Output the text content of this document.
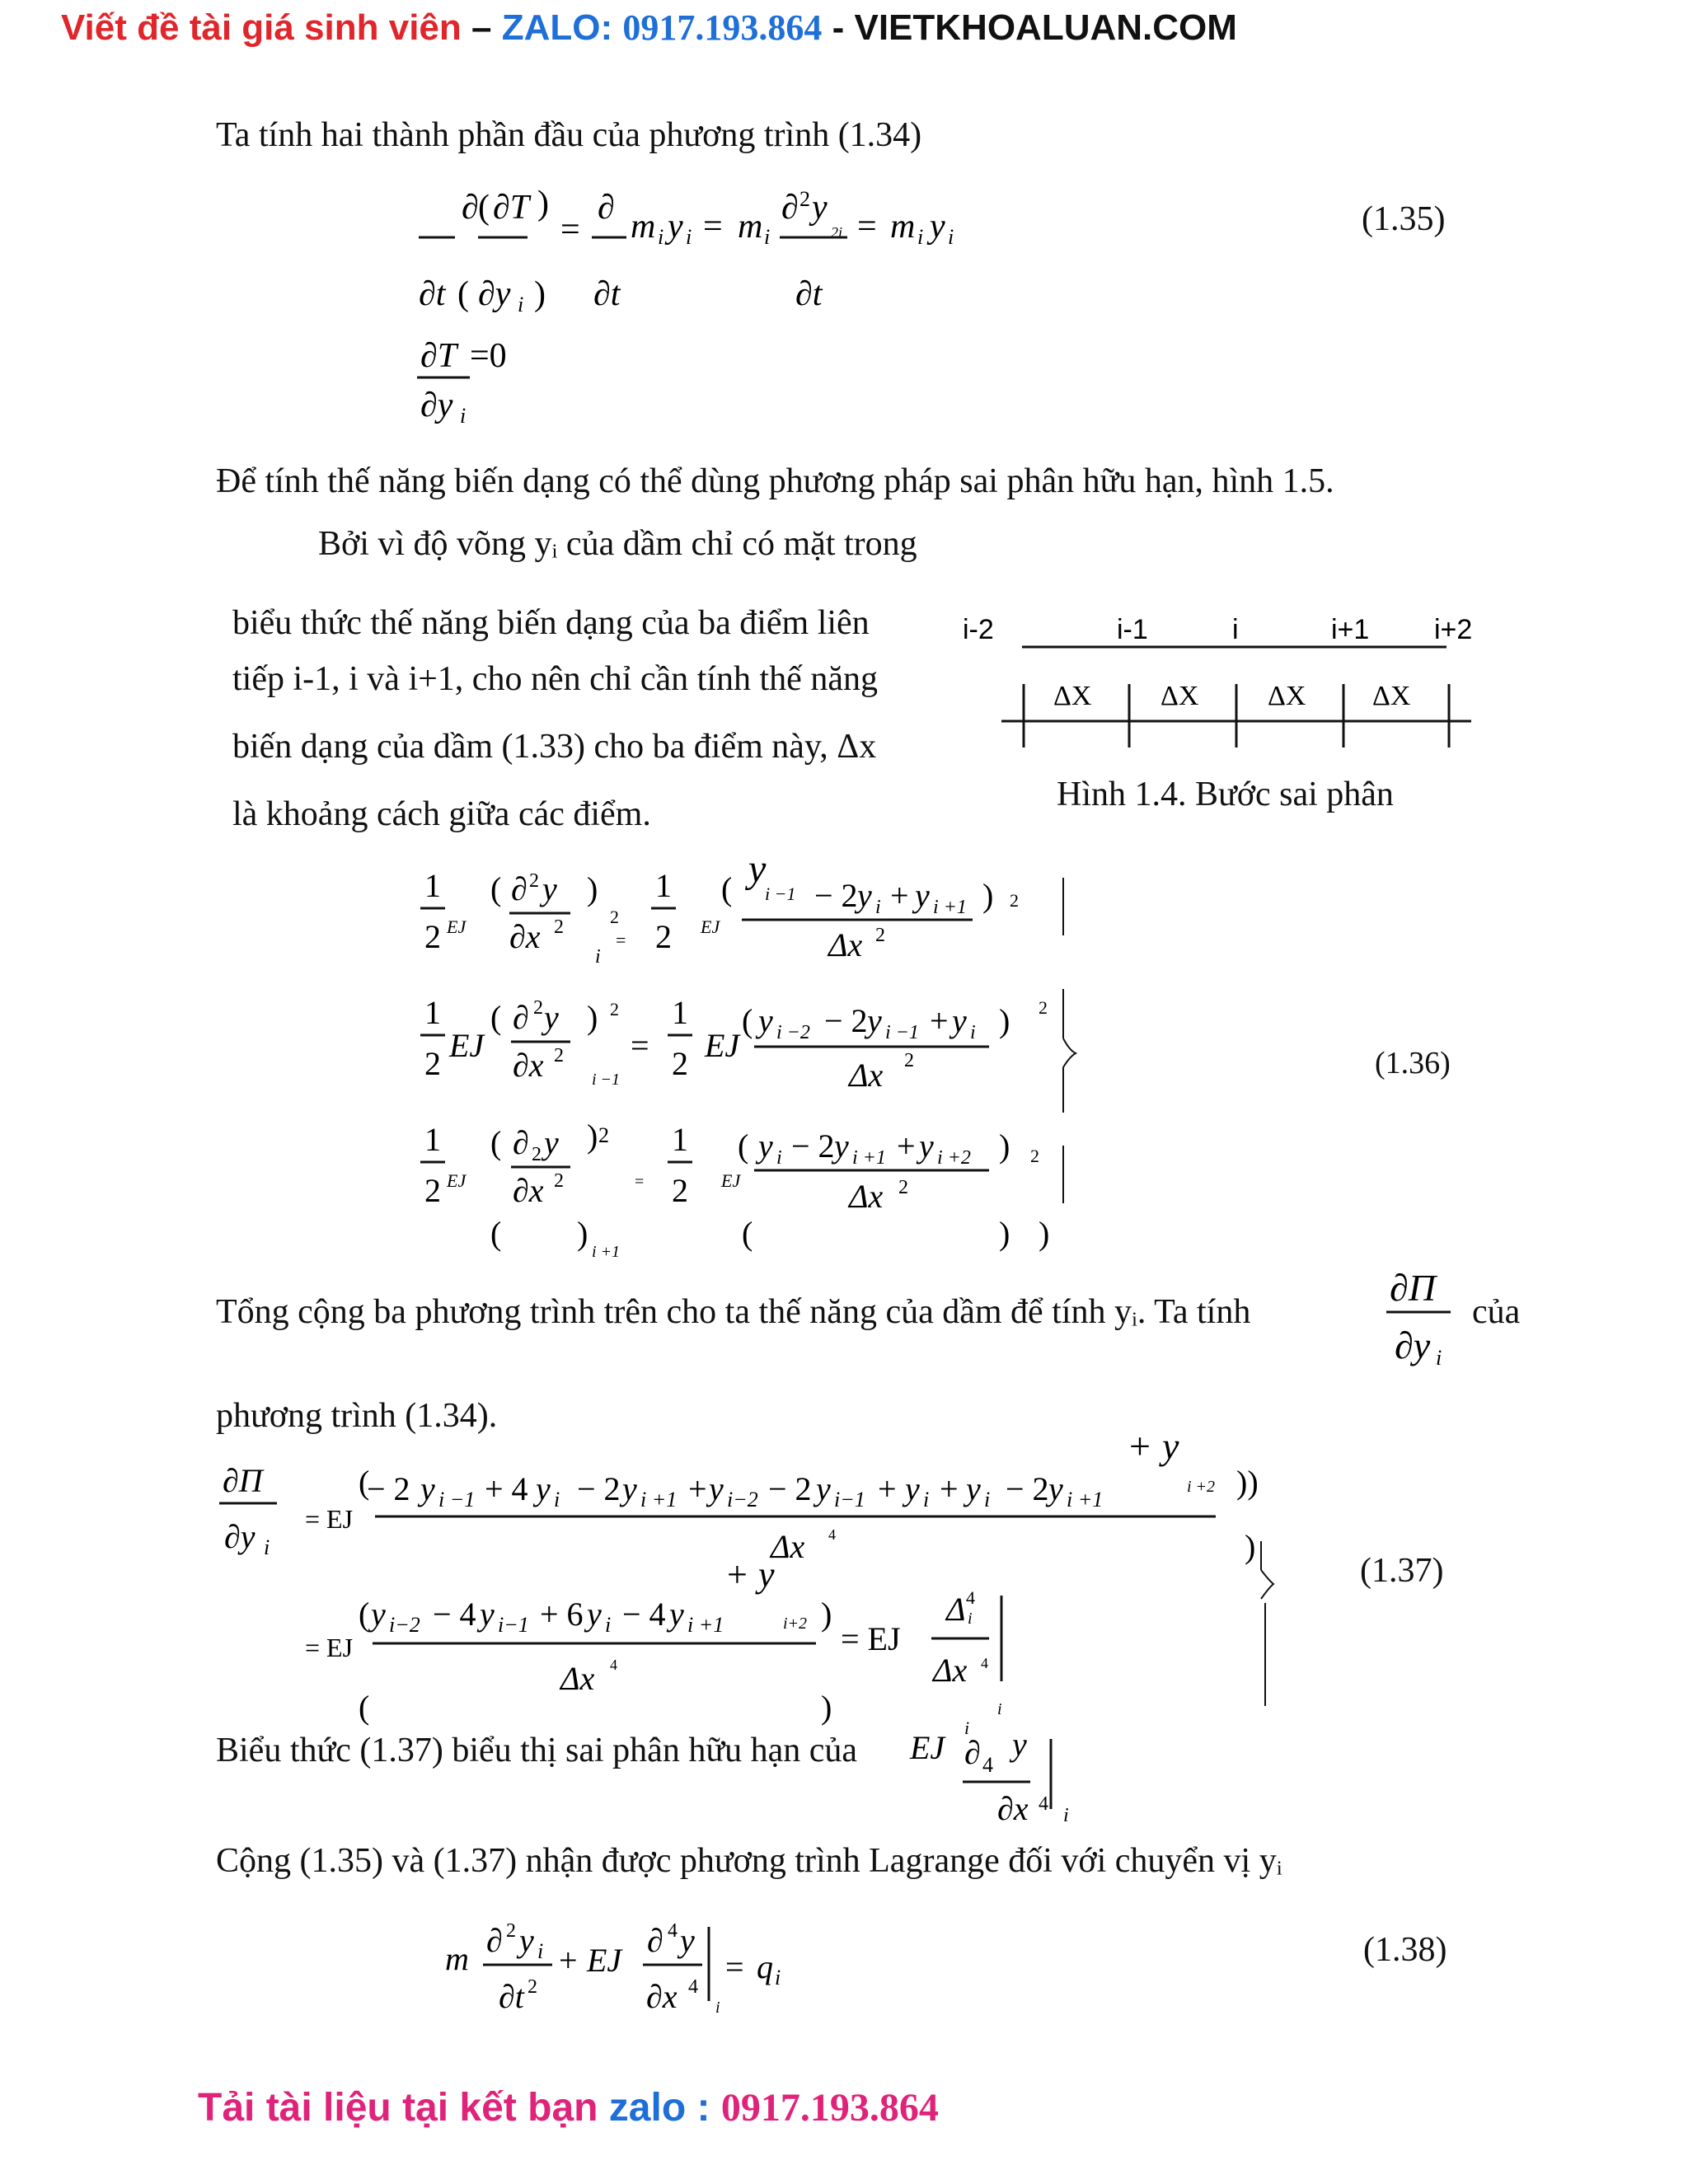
Viết đề tài giá sinh viên – ZALO: 0917.193.864 - VIETKHOALUAN.COM
Ta tính hai thành phần đầu của phương trình (1.34)
∂ ( ∂T )
=
∂ m i y i = m i
∂ 2 y
2i = m i y i
∂t ( ∂y i ) ∂t	∂t
∂T =0
∂y i
(1.35)
Để tính thế năng biến dạng có thể dùng phương pháp sai phân hữu hạn, hình 1.5.
Bởi vì độ võng yᵢ của dầm chỉ có mặt trong
biểu thức thế năng biến dạng của ba điểm liên
tiếp i-1, i và i+1, cho nên chỉ cần tính thế năng
biến dạng của dầm (1.33) cho ba điểm này, Δx
là khoảng cách giữa các điểm.
i-2	i-1	i	i+1 i+2
ΔX ΔX ΔX ΔX
Hình 1.4. Bước sai phân
1
2 EJ
( ∂ 2 y
∂x 2
)
i
2
=
1
2 EJ
( y
i −1 − 2 y i + y i +1
Δx 2
) 2
1
2 EJ
( ∂ 2 y
∂x 2
)
i −1
2
=
1
2 EJ
( y i −2 − 2 y i −1 + y i
Δx 2
) 2
1
2 EJ
( ∂ 2 y
∂x 2
) 2
( ) i +1
=
1
2 EJ
( y i − 2 y i +1 + y i +2
Δx 2
) 2
(	) )
(1.36)
Tổng cộng ba phương trình trên cho ta thế năng của dầm để tính yᵢ. Ta tính
∂Π
∂y i
của
phương trình (1.34).
∂Π
∂y i
= EJ
(
− 2 y i −1 + 4 y i − 2 y i +1 + y i−2 − 2 y i−1 + y i + y i − 2 y i +1
+ y
i +2 ))
Δx 4	)
= EJ
( y i−2 − 4 y i−1 + 6 y i − 4 y i +1
+ y
i+2 )
Δx 4
(	)
= EJ
Δ 4
i
Δx 4
i
(1.37)
Biểu thức (1.37) biểu thị sai phân hữu hạn của EJ
i
∂ 4
y
∂x 4
i
Cộng (1.35) và (1.37) nhận được phương trình Lagrange đối với chuyển vị yᵢ
m ∂ 2 y i
∂t 2
+ EJ
∂ 4 y
∂x 4
i
= q i
(1.38)
Tải tài liệu tại kết bạn zalo : 0917.193.864
